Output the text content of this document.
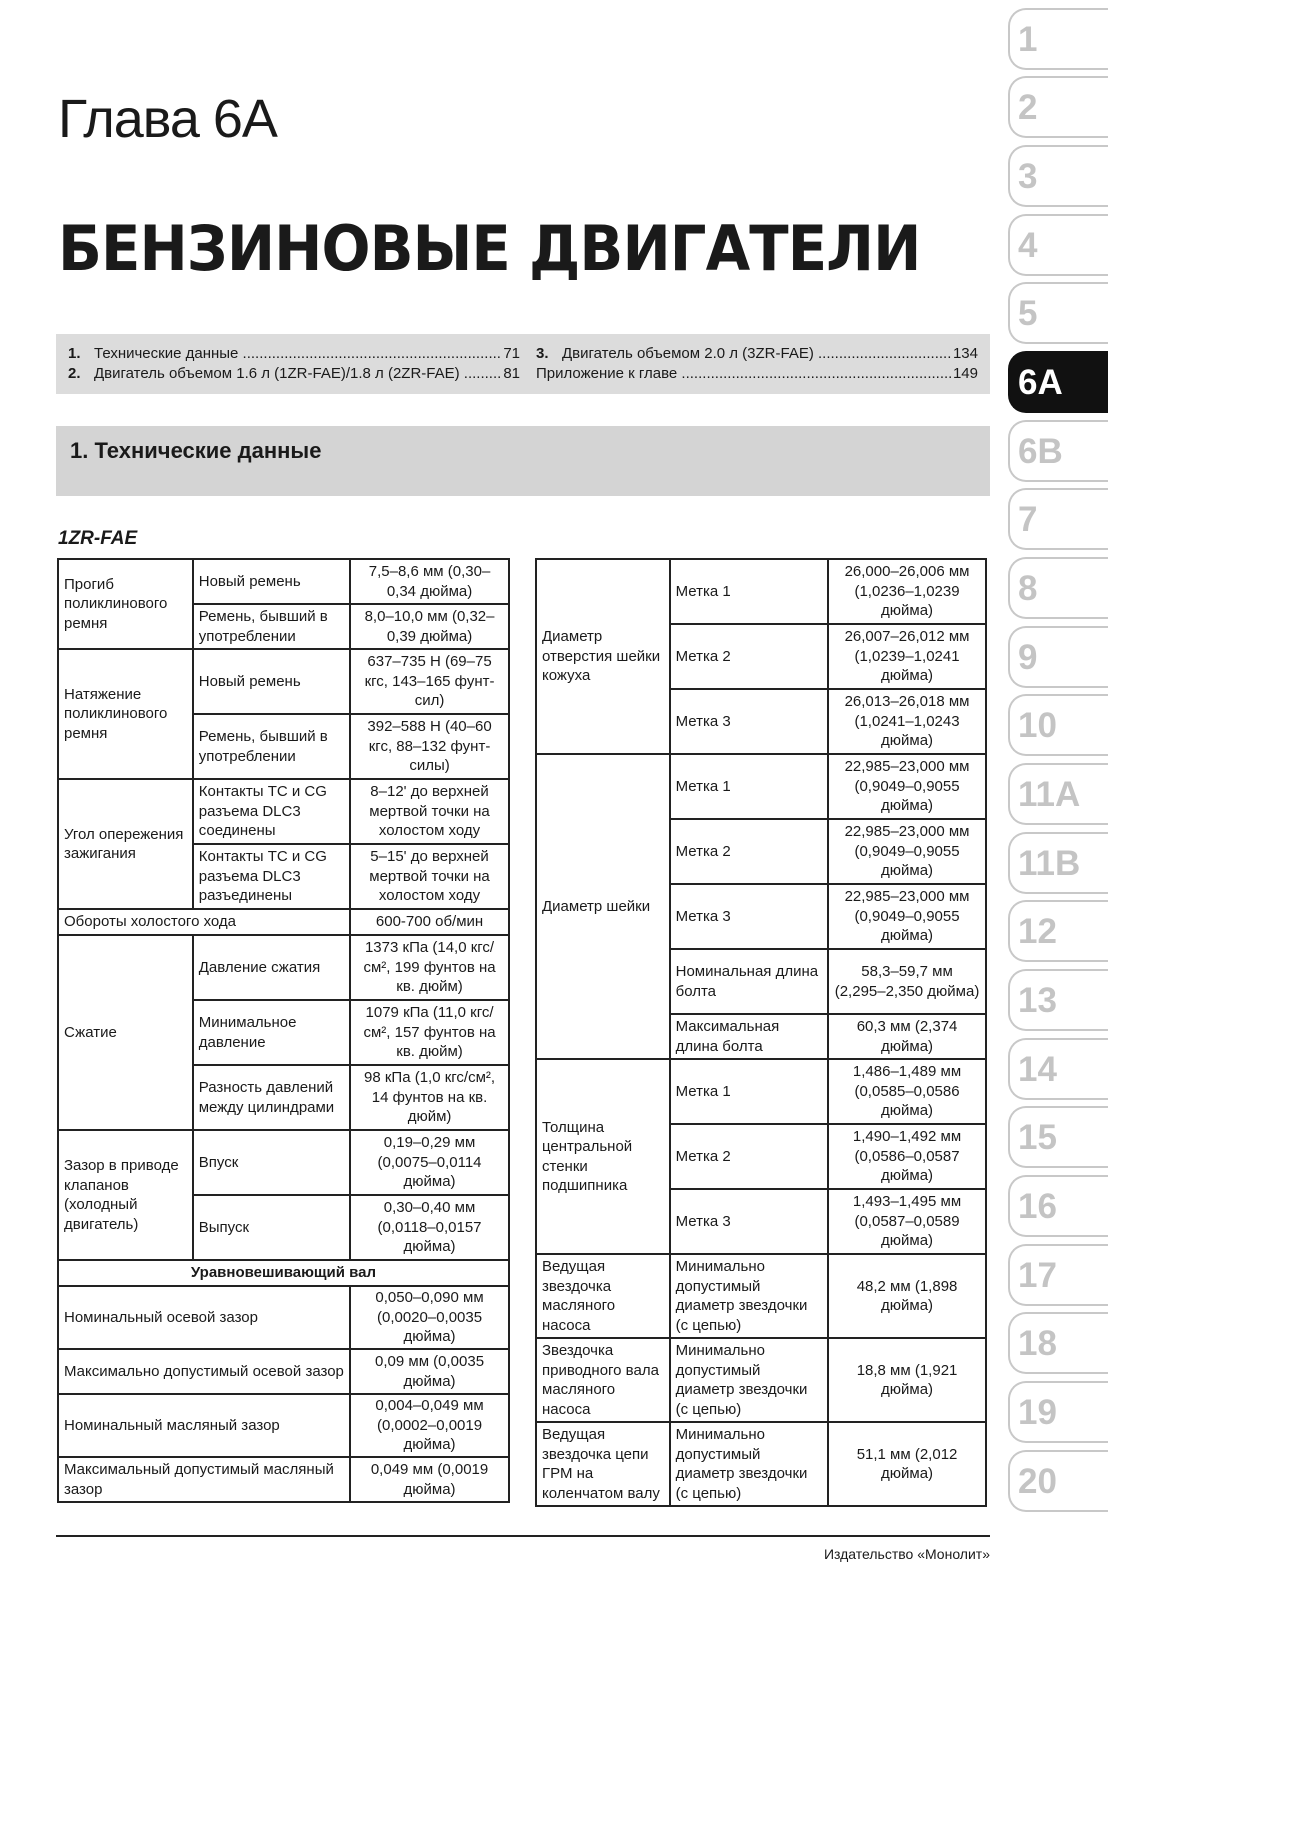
Глава 6А
БЕНЗИНОВЫЕ ДВИГАТЕЛИ
1. Технические данные .....	71
2. Двигатель объемом 1.6 л (1ZR-FAE)/1.8 л (2ZR-FAE) .....	81
3. Двигатель объемом 2.0 л (3ZR-FAE) .....	134
Приложение к главе .....	149
1. Технические данные
1ZR-FAE
Прогиб поликлинового ремня	Новый ремень	7,5–8,6 мм (0,30–0,34 дюйма)
	Ремень, бывший в употреблении	8,0–10,0 мм (0,32–0,39 дюйма)
Натяжение поликлинового ремня	Новый ремень	637–735 Н (69–75 кгс, 143–165 фунт-сил)
	Ремень, бывший в употреблении	392–588 Н (40–60 кгс, 88–132 фунт-силы)
Угол опережения зажигания	Контакты ТС и CG разъема DLC3 соединены	8–12' до верхней мертвой точки на холостом ходу
	Контакты ТС и CG разъема DLC3 разъединены	5–15' до верхней мертвой точки на холостом ходу
Обороты холостого хода		600-700 об/мин
Сжатие	Давление сжатия	1373 кПа (14,0 кгс/см², 199 фунтов на кв. дюйм)
	Минимальное давление	1079 кПа (11,0 кгс/см², 157 фунтов на кв. дюйм)
	Разность давлений между цилиндрами	98 кПа (1,0 кгс/см², 14 фунтов на кв. дюйм)
Зазор в приводе клапанов (холодный двигатель)	Впуск	0,19–0,29 мм (0,0075–0,0114 дюйма)
	Выпуск	0,30–0,40 мм (0,0118–0,0157 дюйма)
Уравновешивающий вал		
Номинальный осевой зазор		0,050–0,090 мм (0,0020–0,0035 дюйма)
Максимально допустимый осевой зазор		0,09 мм (0,0035 дюйма)
Номинальный масляный зазор		0,004–0,049 мм (0,0002–0,0019 дюйма)
Максимальный допустимый масляный зазор		0,049 мм (0,0019 дюйма)
Диаметр отверстия шейки кожуха	Метка 1	26,000–26,006 мм (1,0236–1,0239 дюйма)
	Метка 2	26,007–26,012 мм (1,0239–1,0241 дюйма)
	Метка 3	26,013–26,018 мм (1,0241–1,0243 дюйма)
Диаметр шейки	Метка 1	22,985–23,000 мм (0,9049–0,9055 дюйма)
	Метка 2	22,985–23,000 мм (0,9049–0,9055 дюйма)
	Метка 3	22,985–23,000 мм (0,9049–0,9055 дюйма)
	Номинальная длина болта	58,3–59,7 мм (2,295–2,350 дюйма)
	Максимальная длина болта	60,3 мм (2,374 дюйма)
Толщина центральной стенки подшипника	Метка 1	1,486–1,489 мм (0,0585–0,0586 дюйма)
	Метка 2	1,490–1,492 мм (0,0586–0,0587 дюйма)
	Метка 3	1,493–1,495 мм (0,0587–0,0589 дюйма)
Ведущая звездочка масляного насоса	Минимально допустимый диаметр звездочки (с цепью)	48,2 мм (1,898 дюйма)
Звездочка приводного вала масляного насоса	Минимально допустимый диаметр звездочки (с цепью)	18,8 мм (1,921 дюйма)
Ведущая звездочка цепи ГРМ на коленчатом валу	Минимально допустимый диаметр звездочки (с цепью)	51,1 мм (2,012 дюйма)
1
2
3
4
5
6А
6В
7
8
9
10
11А
11В
12
13
14
15
16
17
18
19
20
Издательство «Монолит»
